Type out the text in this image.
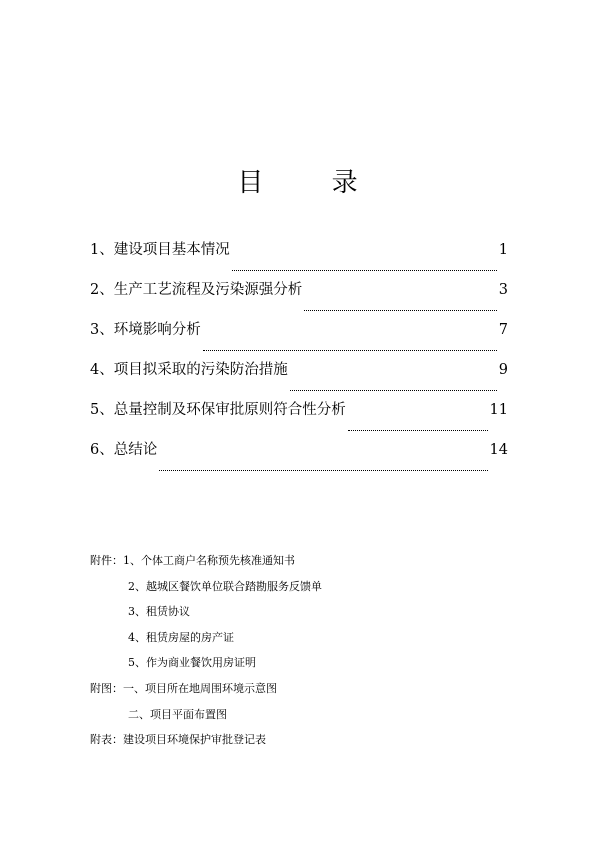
目 录
1、 建设项目基本情况	1
2、 生产工艺流程及污染源强分析	3
3、 环境影响分析	7
4、 项目拟采取的污染防治措施	9
5、 总量控制及环保审批原则符合性分析	11
6、 总结论	14
附件：1、个体工商户名称预先核准通知书
2、越城区餐饮单位联合踏勘服务反馈单
3、租赁协议
4、租赁房屋的房产证
5、作为商业餐饮用房证明
附图：一、项目所在地周围环境示意图
二、项目平面布置图
附表：建设项目环境保护审批登记表
